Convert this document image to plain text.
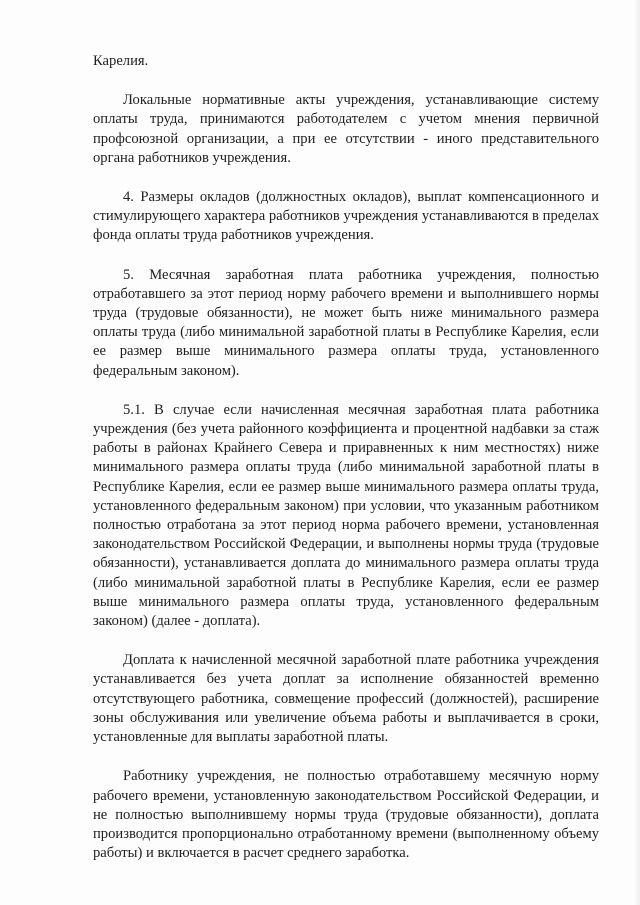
Карелия.

Локальные нормативные акты учреждения, устанавливающие систему оплаты труда, принимаются работодателем с учетом мнения первичной профсоюзной организации, а при ее отсутствии - иного представительного органа работников учреждения.

4. Размеры окладов (должностных окладов), выплат компенсационного и стимулирующего характера работников учреждения устанавливаются в пределах фонда оплаты труда работников учреждения.

5. Месячная заработная плата работника учреждения, полностью отработавшего за этот период норму рабочего времени и выполнившего нормы труда (трудовые обязанности), не может быть ниже минимального размера оплаты труда (либо минимальной заработной платы в Республике Карелия, если ее размер выше минимального размера оплаты труда, установленного федеральным законом).

5.1. В случае если начисленная месячная заработная плата работника учреждения (без учета районного коэффициента и процентной надбавки за стаж работы в районах Крайнего Севера и приравненных к ним местностях) ниже минимального размера оплаты труда (либо минимальной заработной платы в Республике Карелия, если ее размер выше минимального размера оплаты труда, установленного федеральным законом) при условии, что указанным работником полностью отработана за этот период норма рабочего времени, установленная законодательством Российской Федерации, и выполнены нормы труда (трудовые обязанности), устанавливается доплата до минимального размера оплаты труда (либо минимальной заработной платы в Республике Карелия, если ее размер выше минимального размера оплаты труда, установленного федеральным законом) (далее - доплата).

Доплата к начисленной месячной заработной плате работника учреждения устанавливается без учета доплат за исполнение обязанностей временно отсутствующего работника, совмещение профессий (должностей), расширение зоны обслуживания или увеличение объема работы и выплачивается в сроки, установленные для выплаты заработной платы.

Работнику учреждения, не полностью отработавшему месячную норму рабочего времени, установленную законодательством Российской Федерации, и не полностью выполнившему нормы труда (трудовые обязанности), доплата производится пропорционально отработанному времени (выполненному объему работы) и включается в расчет среднего заработка.
